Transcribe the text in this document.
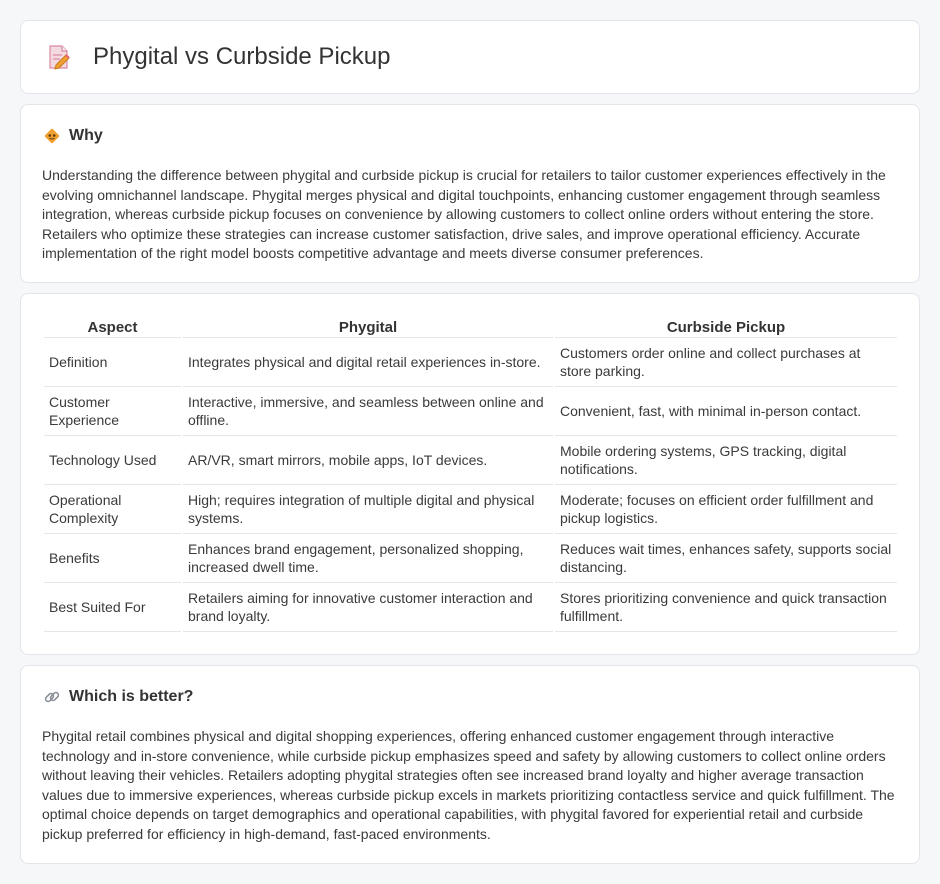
Phygital vs Curbside Pickup
Why

Understanding the difference between phygital and curbside pickup is crucial for retailers to tailor customer experiences effectively in the evolving omnichannel landscape. Phygital merges physical and digital touchpoints, enhancing customer engagement through seamless integration, whereas curbside pickup focuses on convenience by allowing customers to collect online orders without entering the store. Retailers who optimize these strategies can increase customer satisfaction, drive sales, and improve operational efficiency. Accurate implementation of the right model boosts competitive advantage and meets diverse consumer preferences.

Aspect	Phygital	Curbside Pickup
Definition	Integrates physical and digital retail experiences in-store.	Customers order online and collect purchases at store parking.
Customer Experience	Interactive, immersive, and seamless between online and offline.	Convenient, fast, with minimal in-person contact.
Technology Used	AR/VR, smart mirrors, mobile apps, IoT devices.	Mobile ordering systems, GPS tracking, digital notifications.
Operational Complexity	High; requires integration of multiple digital and physical systems.	Moderate; focuses on efficient order fulfillment and pickup logistics.
Benefits	Enhances brand engagement, personalized shopping, increased dwell time.	Reduces wait times, enhances safety, supports social distancing.
Best Suited For	Retailers aiming for innovative customer interaction and brand loyalty.	Stores prioritizing convenience and quick transaction fulfillment.
Which is better?

Phygital retail combines physical and digital shopping experiences, offering enhanced customer engagement through interactive technology and in-store convenience, while curbside pickup emphasizes speed and safety by allowing customers to collect online orders without leaving their vehicles. Retailers adopting phygital strategies often see increased brand loyalty and higher average transaction values due to immersive experiences, whereas curbside pickup excels in markets prioritizing contactless service and quick fulfillment. The optimal choice depends on target demographics and operational capabilities, with phygital favored for experiential retail and curbside pickup preferred for efficiency in high-demand, fast-paced environments.
